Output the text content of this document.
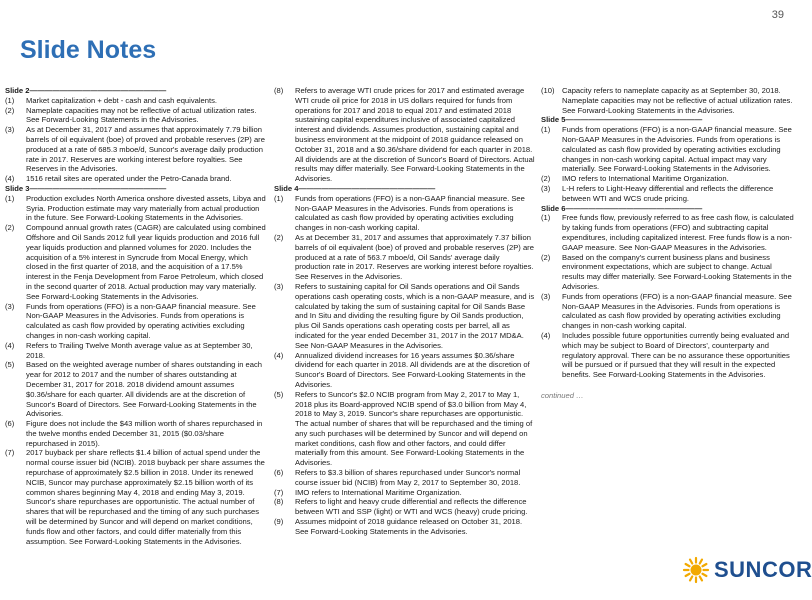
39
Slide Notes
Slide 2——————————————————
(1)	Market capitalization + debt - cash and cash equivalents.
(2)	Nameplate capacities may not be reflective of actual utilization rates. See Forward-Looking Statements in the Advisories.
(3)	As at December 31, 2017 and assumes that approximately 7.79 billion barrels of oil equivalent (boe) of proved and probable reserves (2P) are produced at a rate of 685.3 mboe/d, Suncor's average daily production rate in 2017. Reserves are working interest before royalties. See Reserves in the Advisories.
(4)	1516 retail sites are operated under the Petro-Canada brand.
Slide 3——————————————————
(1)	Production excludes North America onshore divested assets, Libya and Syria. Production estimate may vary materially from actual production in the future. See Forward-Looking Statements in the Advisories.
(2)	Compound annual growth rates (CAGR) are calculated using combined Offshore and Oil Sands 2012 full year liquids production and 2016 full year liquids production and planned volumes for 2020. Includes the acquisition of a 5% interest in Syncrude from Mocal Energy, which closed in the first quarter of 2018, and the acquisition of a 17.5% interest in the Fenja Development from Faroe Petroleum, which closed in the second quarter of 2018. Actual production may vary materially. See Forward-Looking Statements in the Advisories.
(3)	Funds from operations (FFO) is a non-GAAP financial measure. See Non-GAAP Measures in the Advisories. Funds from operations is calculated as cash flow provided by operating activities excluding changes in non-cash working capital.
(4)	Refers to Trailing Twelve Month average value as at September 30, 2018.
(5)	Based on the weighted average number of shares outstanding in each year for 2012 to 2017 and the number of shares outstanding at December 31, 2017 for 2018. 2018 dividend amount assumes $0.36/share for each quarter. All dividends are at the discretion of Suncor's Board of Directors. See Forward-Looking Statements in the Advisories.
(6)	Figure does not include the $43 million worth of shares repurchased in the twelve months ended December 31, 2015 ($0.03/share repurchased in 2015).
(7)	2017 buyback per share reflects $1.4 billion of actual spend under the normal course issuer bid (NCIB). 2018 buyback per share assumes the repurchase of approximately $2.5 billion in 2018. Under its renewed NCIB, Suncor may purchase approximately $2.15 billion worth of its common shares beginning May 4, 2018 and ending May 3, 2019. Suncor's share repurchases are opportunistic. The actual number of shares that will be repurchased and the timing of any such purchases will be determined by Suncor and will depend on market conditions, funds flow and other factors, and could differ materially from this assumption. See Forward-Looking Statements in the Advisories.
(8)	Refers to average WTI crude prices for 2017 and estimated average WTI crude oil price for 2018 in US dollars required for funds from operations for 2017 and 2018 to equal 2017 and estimated 2018 sustaining capital expenditures inclusive of associated capitalized interest and dividends. Assumes production, sustaining capital and business environment at the midpoint of 2018 guidance released on October 31, 2018 and a $0.36/share dividend for each quarter in 2018. All dividends are at the discretion of Suncor's Board of Directors. Actual results may differ materially. See Forward-Looking Statements in the Advisories.
Slide 4——————————————————
(1)	Funds from operations (FFO) is a non-GAAP financial measure. See Non-GAAP Measures in the Advisories. Funds from operations is calculated as cash flow provided by operating activities excluding changes in non-cash working capital.
(2)	As at December 31, 2017 and assumes that approximately 7.37 billion barrels of oil equivalent (boe) of proved and probable reserves (2P) are produced at a rate of 563.7 mboe/d, Oil Sands' average daily production rate in 2017. Reserves are working interest before royalties. See Reserves in the Advisories.
(3)	Refers to sustaining capital for Oil Sands operations and Oil Sands operations cash operating costs, which is a non-GAAP measure, and is calculated by taking the sum of sustaining capital for Oil Sands Base and In Situ and dividing the resulting figure by Oil Sands production, plus Oil Sands operations cash operating costs per barrel, all as indicated for the year ended December 31, 2017 in the 2017 MD&A. See Non-GAAP Measures in the Advisories.
(4)	Annualized dividend increases for 16 years assumes $0.36/share dividend for each quarter in 2018. All dividends are at the discretion of Suncor's Board of Directors. See Forward-Looking Statements in the Advisories.
(5)	Refers to Suncor's $2.0 NCIB program from May 2, 2017 to May 1, 2018 plus its Board-approved NCIB spend of $3.0 billion from May 4, 2018 to May 3, 2019. Suncor's share repurchases are opportunistic. The actual number of shares that will be repurchased and the timing of any such purchases will be determined by Suncor and will depend on market conditions, cash flow and other factors, and could differ materially from this amount. See Forward-Looking Statements in the Advisories.
(6)	Refers to $3.3 billion of shares repurchased under Suncor's normal course issuer bid (NCIB) from May 2, 2017 to September 30, 2018.
(7)	IMO refers to International Maritime Organization.
(8)	Refers to light and heavy crude differential and reflects the difference between WTI and SSP (light) or WTI and WCS (heavy) crude pricing.
(9)	Assumes midpoint of 2018 guidance released on October 31, 2018. See Forward-Looking Statements in the Advisories.
(10) Capacity refers to nameplate capacity as at September 30, 2018. Nameplate capacities may not be reflective of actual utilization rates. See Forward-Looking Statements in the Advisories.
Slide 5——————————————————
(1)	Funds from operations (FFO) is a non-GAAP financial measure. See Non-GAAP Measures in the Advisories. Funds from operations is calculated as cash flow provided by operating activities excluding changes in non-cash working capital. Actual impact may vary materially. See Forward-Looking Statements in the Advisories.
(2)	IMO refers to International Maritime Organization.
(3)	L-H refers to Light-Heavy differential and reflects the difference between WTI and WCS crude pricing.
Slide 6——————————————————
(1)	Free funds flow, previously referred to as free cash flow, is calculated by taking funds from operations (FFO) and subtracting capital expenditures, including capitalized interest. Free funds flow is a non-GAAP measure. See Non-GAAP Measures in the Advisories.
(2)	Based on the company's current business plans and business environment expectations, which are subject to change. Actual results may differ materially. See Forward-Looking Statements in the Advisories.
(3)	Funds from operations (FFO) is a non-GAAP financial measure. See Non-GAAP Measures in the Advisories. Funds from operations is calculated as cash flow provided by operating activities excluding changes in non-cash working capital.
(4)	Includes possible future opportunities currently being evaluated and which may be subject to Board of Directors', counterparty and regulatory approval. There can be no assurance these opportunities will be pursued or if pursued that they will result in the expected benefits. See Forward-Looking Statements in the Advisories.
continued …
SUNCOR
